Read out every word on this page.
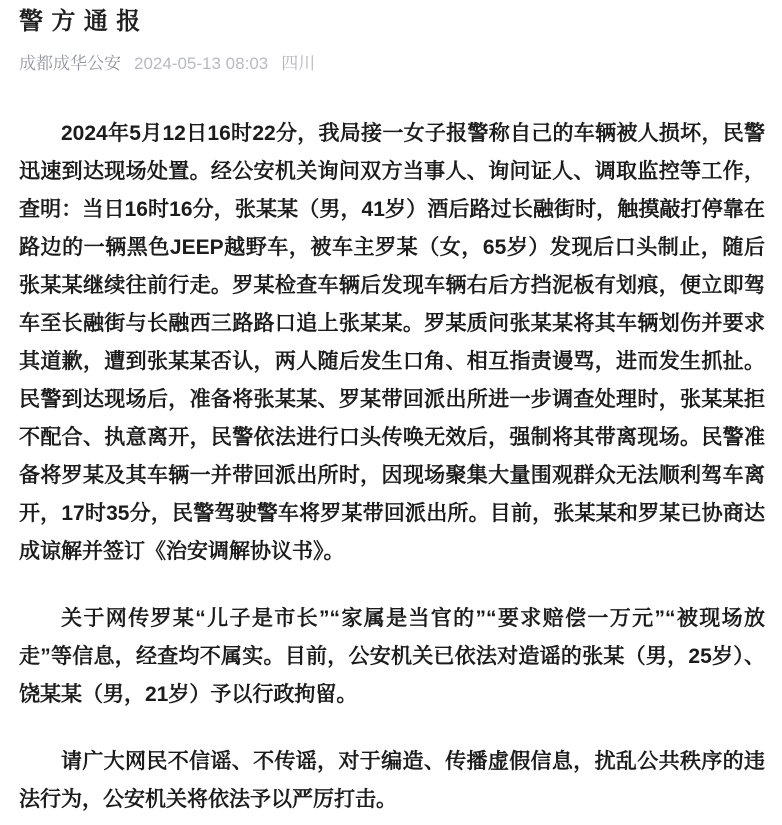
警方通报
成都成华公安 2024-05-13 08:03 四川

2024年5月12日16时22分，我局接一女子报警称自己的车辆被人损坏，民警迅速到达现场处置。经公安机关询问双方当事人、询问证人、调取监控等工作，查明：当日16时16分，张某某（男，41岁）酒后路过长融街时，触摸敲打停靠在路边的一辆黑色JEEP越野车，被车主罗某（女，65岁）发现后口头制止，随后张某某继续往前行走。罗某检查车辆后发现车辆右后方挡泥板有划痕，便立即驾车至长融街与长融西三路路口追上张某某。罗某质问张某某将其车辆划伤并要求其道歉，遭到张某某否认，两人随后发生口角、相互指责谩骂，进而发生抓扯。民警到达现场后，准备将张某某、罗某带回派出所进一步调查处理时，张某某拒不配合、执意离开，民警依法进行口头传唤无效后，强制将其带离现场。民警准备将罗某及其车辆一并带回派出所时，因现场聚集大量围观群众无法顺利驾车离开，17时35分，民警驾驶警车将罗某带回派出所。目前，张某某和罗某已协商达成谅解并签订《治安调解协议书》。

关于网传罗某“儿子是市长”“家属是当官的”“要求赔偿一万元”“被现场放走”等信息，经查均不属实。目前，公安机关已依法对造谣的张某（男，25岁）、饶某某（男，21岁）予以行政拘留。

请广大网民不信谣、不传谣，对于编造、传播虚假信息，扰乱公共秩序的违法行为，公安机关将依法予以严厉打击。
